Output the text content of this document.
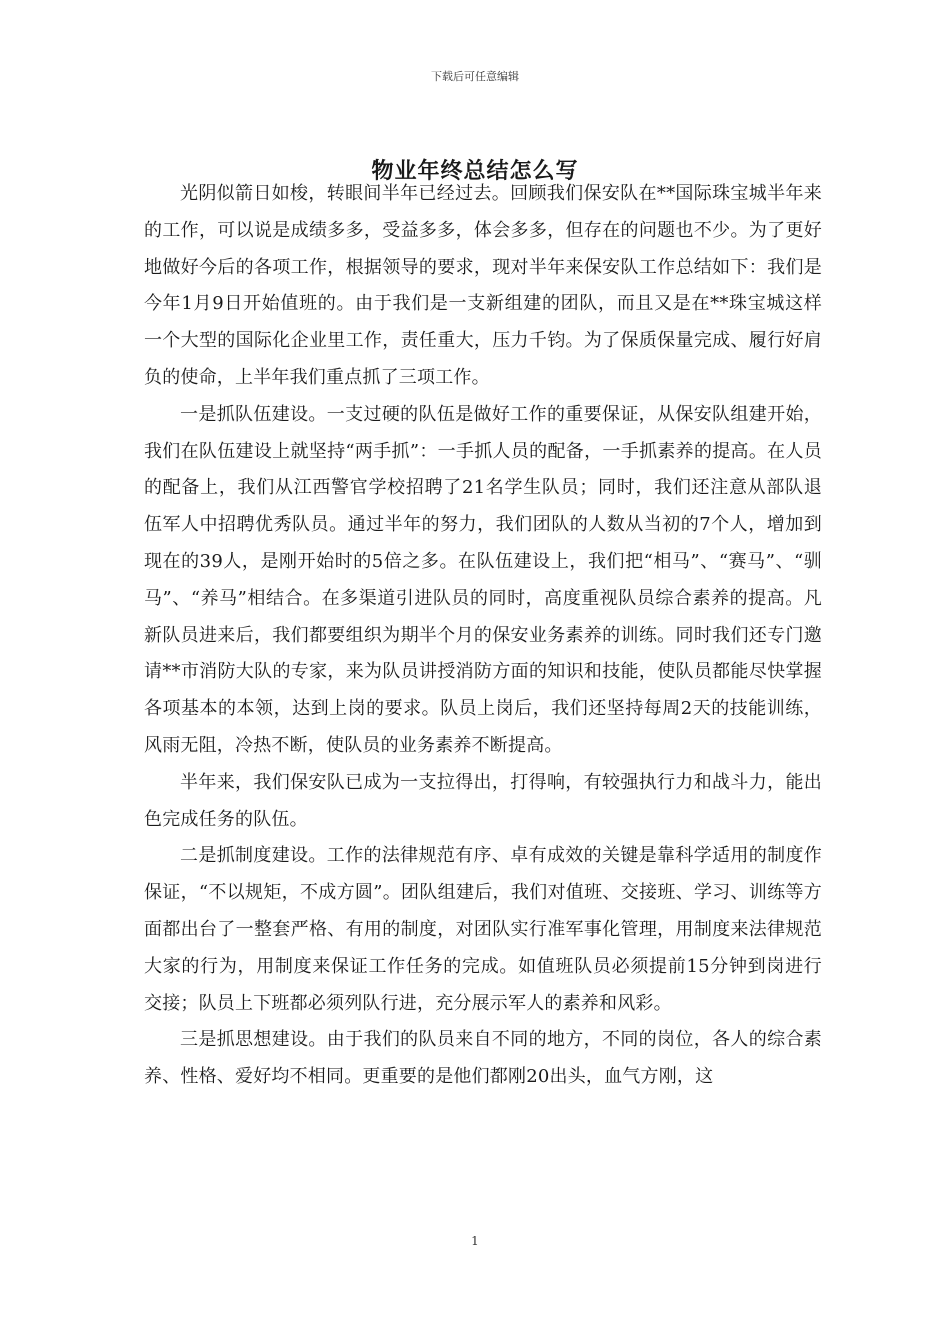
下载后可任意编辑
物业年终总结怎么写

光阴似箭日如梭，转眼间半年已经过去。回顾我们保安队在**国际珠宝城半年来的工作，可以说是成绩多多，受益多多，体会多多，但存在的问题也不少。为了更好地做好今后的各项工作，根据领导的要求，现对半年来保安队工作总结如下：我们是今年1月9日开始值班的。由于我们是一支新组建的团队，而且又是在**珠宝城这样一个大型的国际化企业里工作，责任重大，压力千钧。为了保质保量完成、履行好肩负的使命，上半年我们重点抓了三项工作。

一是抓队伍建设。一支过硬的队伍是做好工作的重要保证，从保安队组建开始，我们在队伍建设上就坚持“两手抓”：一手抓人员的配备，一手抓素养的提高。在人员的配备上，我们从江西警官学校招聘了21名学生队员；同时，我们还注意从部队退伍军人中招聘优秀队员。通过半年的努力，我们团队的人数从当初的7个人，增加到现在的39人，是刚开始时的5倍之多。在队伍建设上，我们把“相马”、“赛马”、“驯马”、“养马”相结合。在多渠道引进队员的同时，高度重视队员综合素养的提高。凡新队员进来后，我们都要组织为期半个月的保安业务素养的训练。同时我们还专门邀请**市消防大队的专家，来为队员讲授消防方面的知识和技能，使队员都能尽快掌握各项基本的本领，达到上岗的要求。队员上岗后，我们还坚持每周2天的技能训练，风雨无阻，冷热不断，使队员的业务素养不断提高。

半年来，我们保安队已成为一支拉得出，打得响，有较强执行力和战斗力，能出色完成任务的队伍。

二是抓制度建设。工作的法律规范有序、卓有成效的关键是靠科学适用的制度作保证，“不以规矩，不成方圆”。团队组建后，我们对值班、交接班、学习、训练等方面都出台了一整套严格、有用的制度，对团队实行准军事化管理，用制度来法律规范大家的行为，用制度来保证工作任务的完成。如值班队员必须提前15分钟到岗进行交接；队员上下班都必须列队行进，充分展示军人的素养和风彩。

三是抓思想建设。由于我们的队员来自不同的地方，不同的岗位，各人的综合素养、性格、爱好均不相同。更重要的是他们都刚20出头，血气方刚，这

1
